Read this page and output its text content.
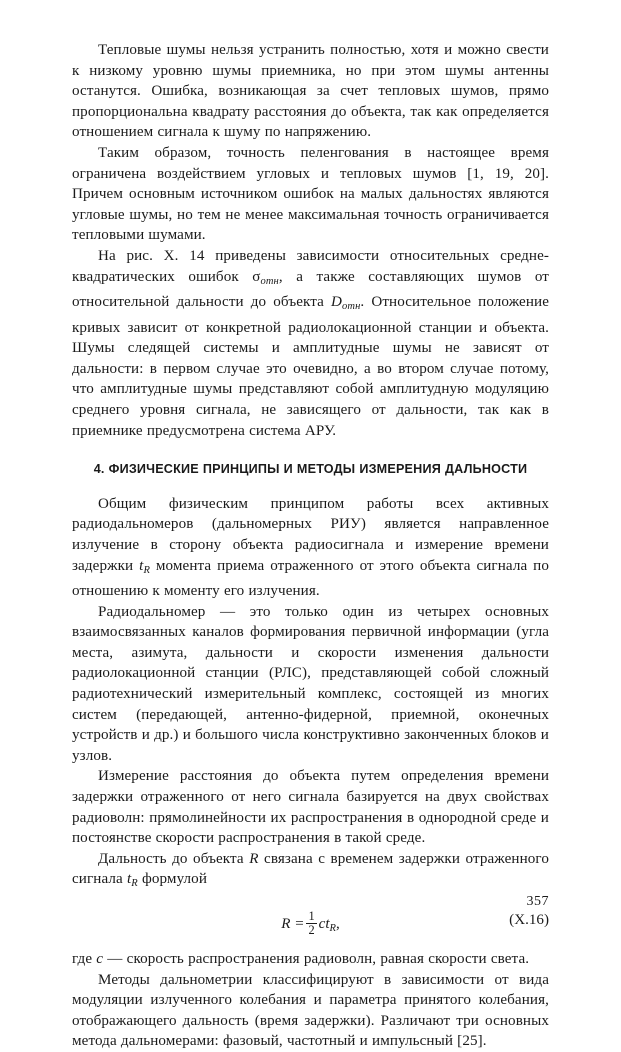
Тепловые шумы нельзя устранить полностью, хотя и можно свести к низкому уровню шумы приемника, но при этом шумы антенны останутся. Ошибка, возникающая за счет тепловых шумов, прямо пропорциональна квадрату расстояния до объекта, так как определяется отношением сигнала к шуму по напряжению.

Таким образом, точность пеленгования в настоящее время ограничена воздействием угловых и тепловых шумов [1, 19, 20]. Причем основным источником ошибок на малых дальностях являются угловые шумы, но тем не менее максимальная точность ограничивается тепловыми шумами.

На рис. X. 14 приведены зависимости относительных средне-квадратических ошибок $\sigma_{отн}$, а также составляющих шумов от относительной дальности до объекта $D_{отн}$. Относительное положение кривых зависит от конкретной радиолокационной станции и объекта. Шумы следящей системы и амплитудные шумы не зависят от дальности: в первом случае это очевидно, а во втором случае потому, что амплитудные шумы представляют собой амплитудную модуляцию среднего уровня сигнала, не зависящего от дальности, так как в приемнике предусмотрена система АРУ.

4. ФИЗИЧЕСКИЕ ПРИНЦИПЫ И МЕТОДЫ ИЗМЕРЕНИЯ ДАЛЬНОСТИ

Общим физическим принципом работы всех активных радиодальномеров (дальномерных РИУ) является направленное излучение в сторону объекта радиосигнала и измерение времени задержки $t_R$ момента приема отраженного от этого объекта сигнала по отношению к моменту его излучения.

Радиодальномер — это только один из четырех основных взаимосвязанных каналов формирования первичной информации (угла места, азимута, дальности и скорости изменения дальности радиолокационной станции (РЛС), представляющей собой сложный радиотехнический измерительный комплекс, состоящей из многих систем (передающей, антенно-фидерной, приемной, оконечных устройств и др.) и большого числа конструктивно законченных блоков и узлов.

Измерение расстояния до объекта путем определения времени задержки отраженного от него сигнала базируется на двух свойствах радиоволн: прямолинейности их распространения в однородной среде и постоянстве скорости распространения в такой среде.

Дальность до объекта R связана с временем задержки отраженного сигнала $t_R$ формулой

$R = \frac{1}{2} ct_R$,	(X.16)

где c — скорость распространения радиоволн, равная скорости света.

Методы дальнометрии классифицируют в зависимости от вида модуляции излученного колебания и параметра принятого колебания, отображающего дальность (время задержки). Различают три основных метода дальномерами: фазовый, частотный и импульсный [25].

357
